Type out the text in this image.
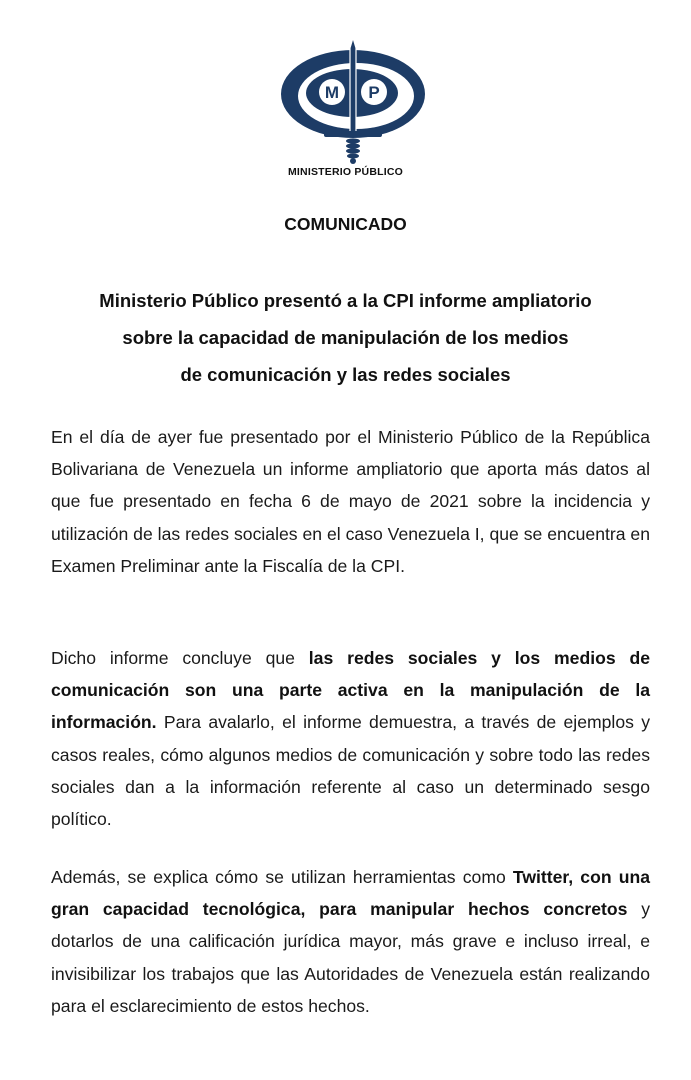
M P
MINISTERIO PÚBLICO
COMUNICADO
Ministerio Público presentó a la CPI informe ampliatorio
sobre la capacidad de manipulación de los medios
de comunicación y las redes sociales

En el día de ayer fue presentado por el Ministerio Público de la República Bolivariana de Venezuela un informe ampliatorio que aporta más datos al que fue presentado en fecha 6 de mayo de 2021 sobre la incidencia y utilización de las redes sociales en el caso Venezuela I, que se encuentra en Examen Preliminar ante la Fiscalía de la CPI.

Dicho informe concluye que las redes sociales y los medios de comunicación son una parte activa en la manipulación de la información. Para avalarlo, el informe demuestra, a través de ejemplos y casos reales, cómo algunos medios de comunicación y sobre todo las redes sociales dan a la información referente al caso un determinado sesgo político.

Además, se explica cómo se utilizan herramientas como Twitter, con una gran capacidad tecnológica, para manipular hechos concretos y dotarlos de una calificación jurídica mayor, más grave e incluso irreal, e invisibilizar los trabajos que las Autoridades de Venezuela están realizando para el esclarecimiento de estos hechos.
